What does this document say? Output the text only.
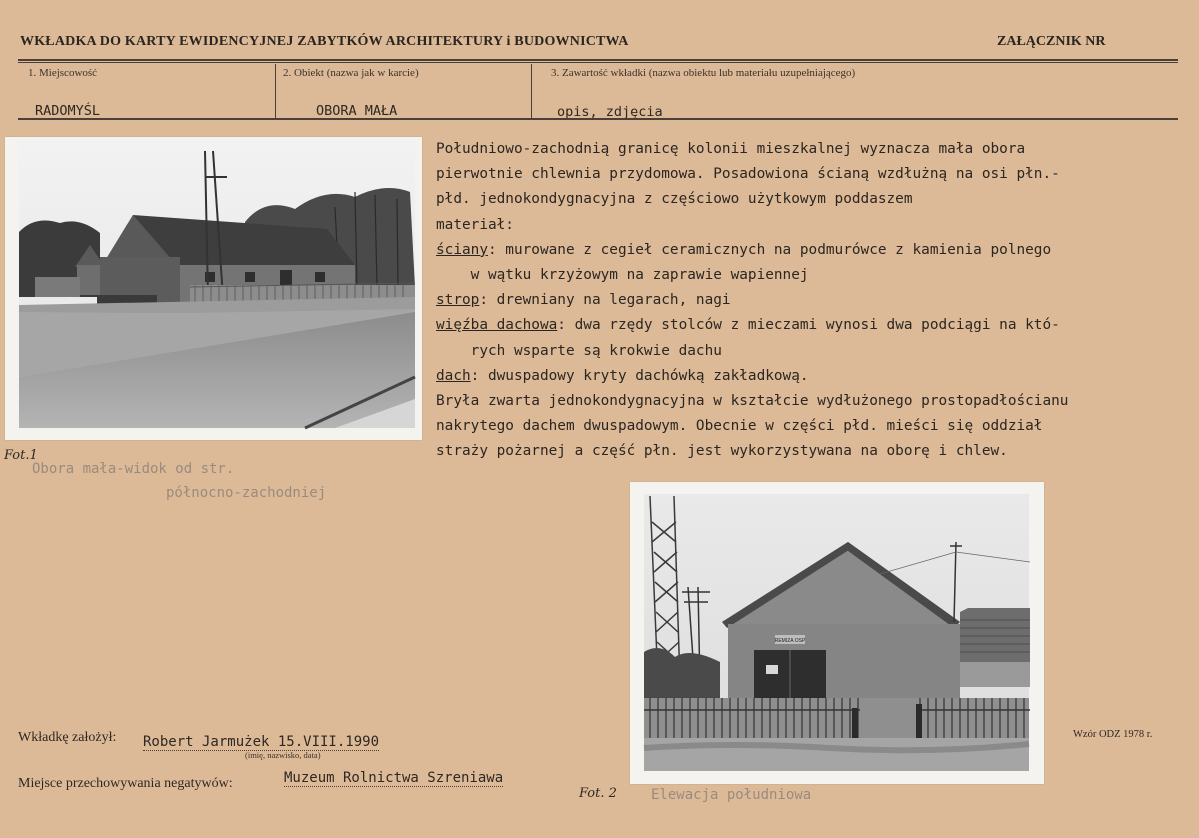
WKŁADKA DO KARTY EWIDENCYJNEJ ZABYTKÓW ARCHITEKTURY i BUDOWNICTWA	ZAŁĄCZNIK NR
1. Miejscowość	2. Obiekt (nazwa jak w karcie)	3. Zawartość wkładki (nazwa obiektu lub materiału uzupełniającego)
RADOMYŚL	OBORA MAŁA	opis, zdjęcia
Południowo-zachodnią granicę kolonii mieszkalnej wyznacza mała obora
pierwotnie chlewnia przydomowa. Posadowiona ścianą wzdłużną na osi płn.-
płd. jednokondygnacyjna z częściowo użytkowym poddaszem
materiał:
ściany: murowane z cegieł ceramicznych na podmurówce z kamienia polnego
w wątku krzyżowym na zaprawie wapiennej
strop: drewniany na legarach, nagi
więźba dachowa: dwa rzędy stolców z mieczami wynosi dwa podciągi na któ-
rych wsparte są krokwie dachu
dach: dwuspadowy kryty dachówką zakładkową.
Bryła zwarta jednokondygnacyjna w kształcie wydłużonego prostopadłościanu
nakrytego dachem dwuspadowym. Obecnie w części płd. mieści się oddział
straży pożarnej a część płn. jest wykorzystywana na oborę i chlew.
Fot.1
Obora mała-widok od str.
północno-zachodniej
REMIZA OSP
Fot. 2 Elewacja południowa
Wkładkę założył: Robert Jarmużek 15.VIII.1990
(imię, nazwisko, data)
Miejsce przechowywania negatywów:	Muzeum Rolnictwa Szreniawa
Wzór ODZ 1978 r.
